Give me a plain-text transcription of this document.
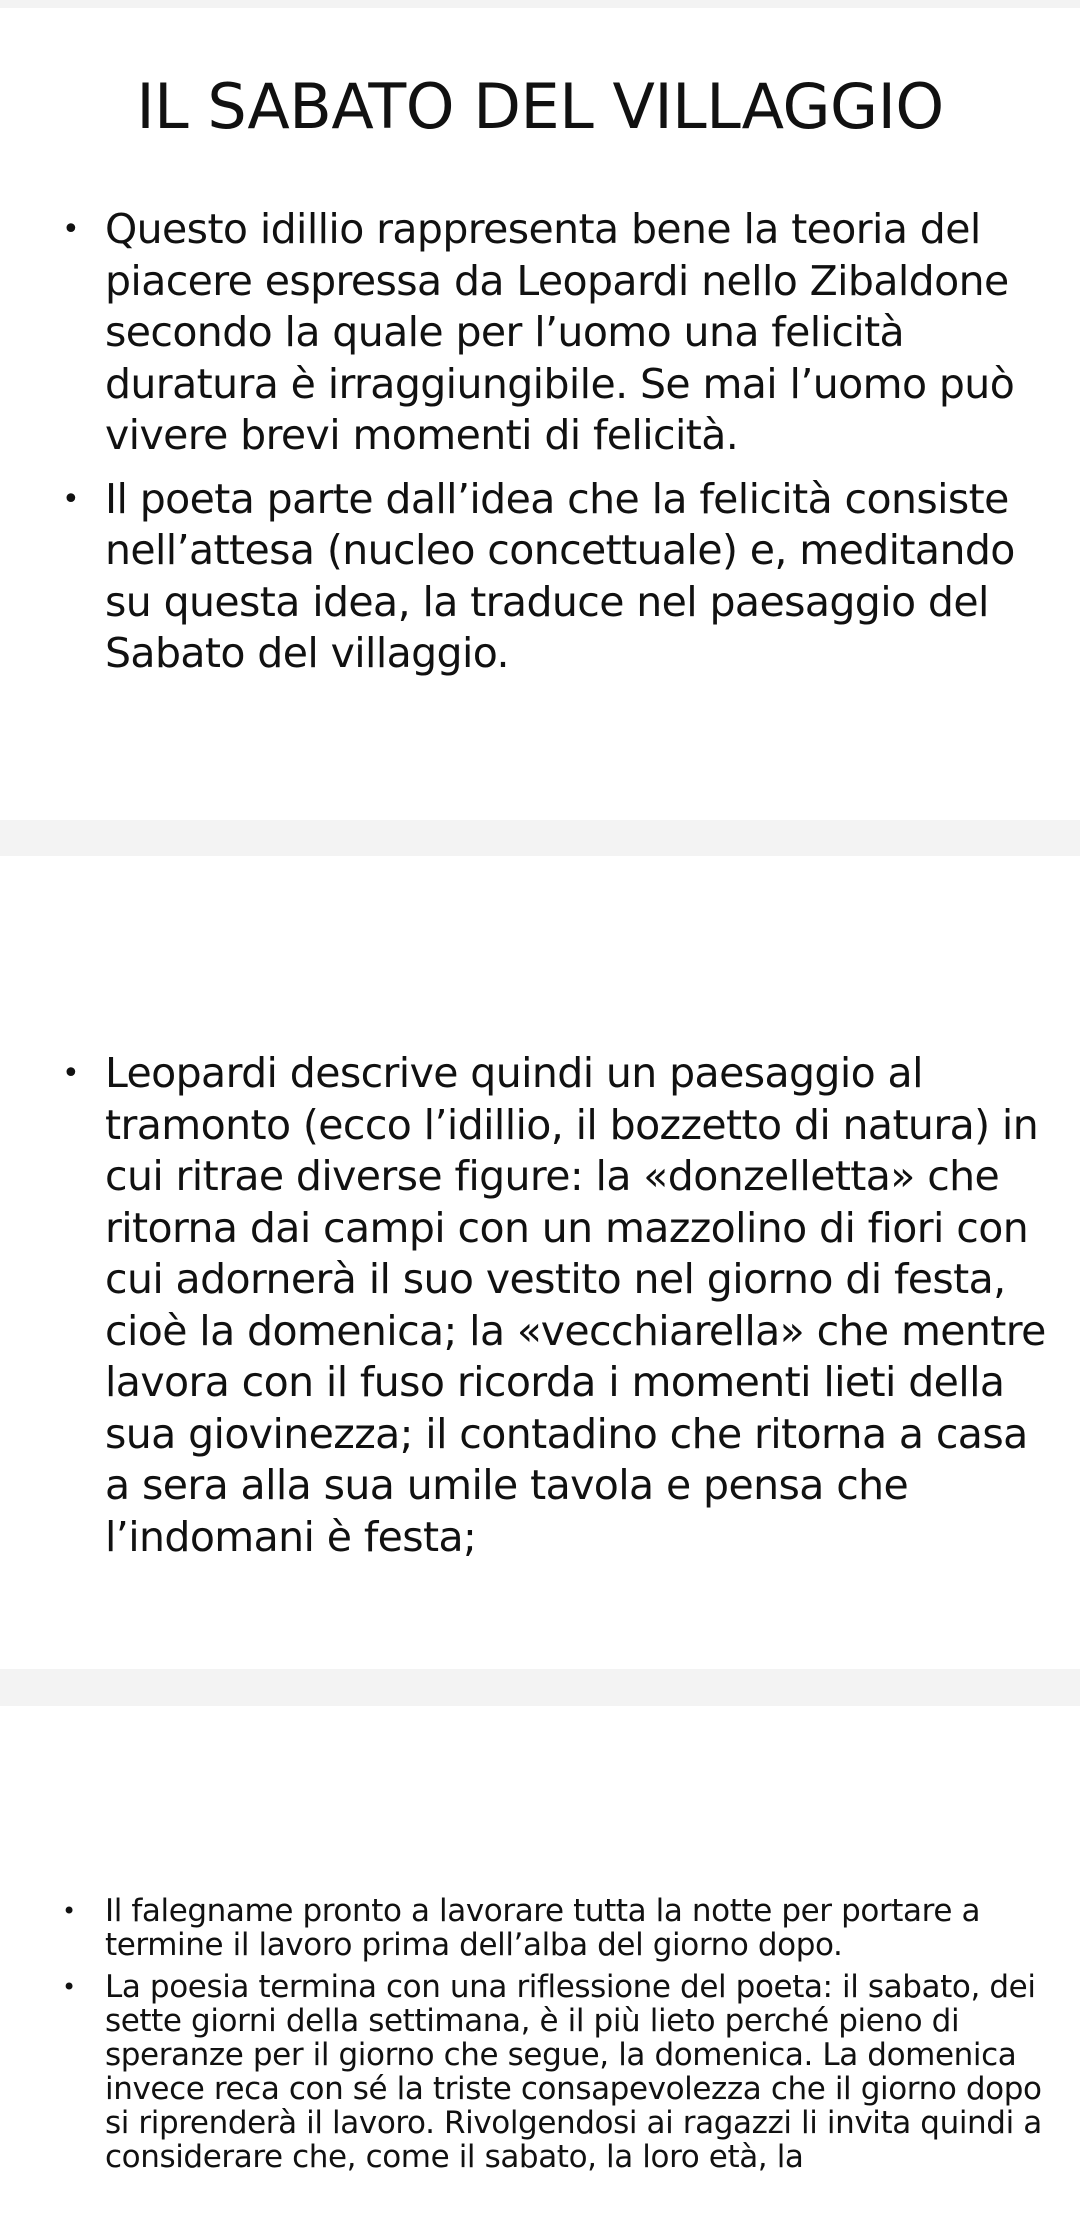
IL SABATO DEL VILLAGGIO
• Questo idillio rappresenta bene la teoria del piacere espressa da Leopardi nello Zibaldone secondo la quale per l’uomo una felicità duratura è irraggiungibile. Se mai l’uomo può vivere brevi momenti di felicità.
• Il poeta parte dall’idea che la felicità consiste nell’attesa (nucleo concettuale) e, meditando su questa idea, la traduce nel paesaggio del Sabato del villaggio.
• Leopardi descrive quindi un paesaggio al tramonto (ecco l’idillio, il bozzetto di natura) in cui ritrae diverse figure: la «donzelletta» che ritorna dai campi con un mazzolino di fiori con cui adornerà il suo vestito nel giorno di festa, cioè la domenica; la «vecchiarella» che mentre lavora con il fuso ricorda i momenti lieti della sua giovinezza; il contadino che ritorna a casa a sera alla sua umile tavola e pensa che l’indomani è festa;
• Il falegname pronto a lavorare tutta la notte per portare a termine il lavoro prima dell’alba del giorno dopo.
• La poesia termina con una riflessione del poeta: il sabato, dei sette giorni della settimana, è il più lieto perché pieno di speranze per il giorno che segue, la domenica. La domenica invece reca con sé la triste consapevolezza che il giorno dopo si riprenderà il lavoro. Rivolgendosi ai ragazzi li invita quindi a considerare che, come il sabato, la loro età, la
